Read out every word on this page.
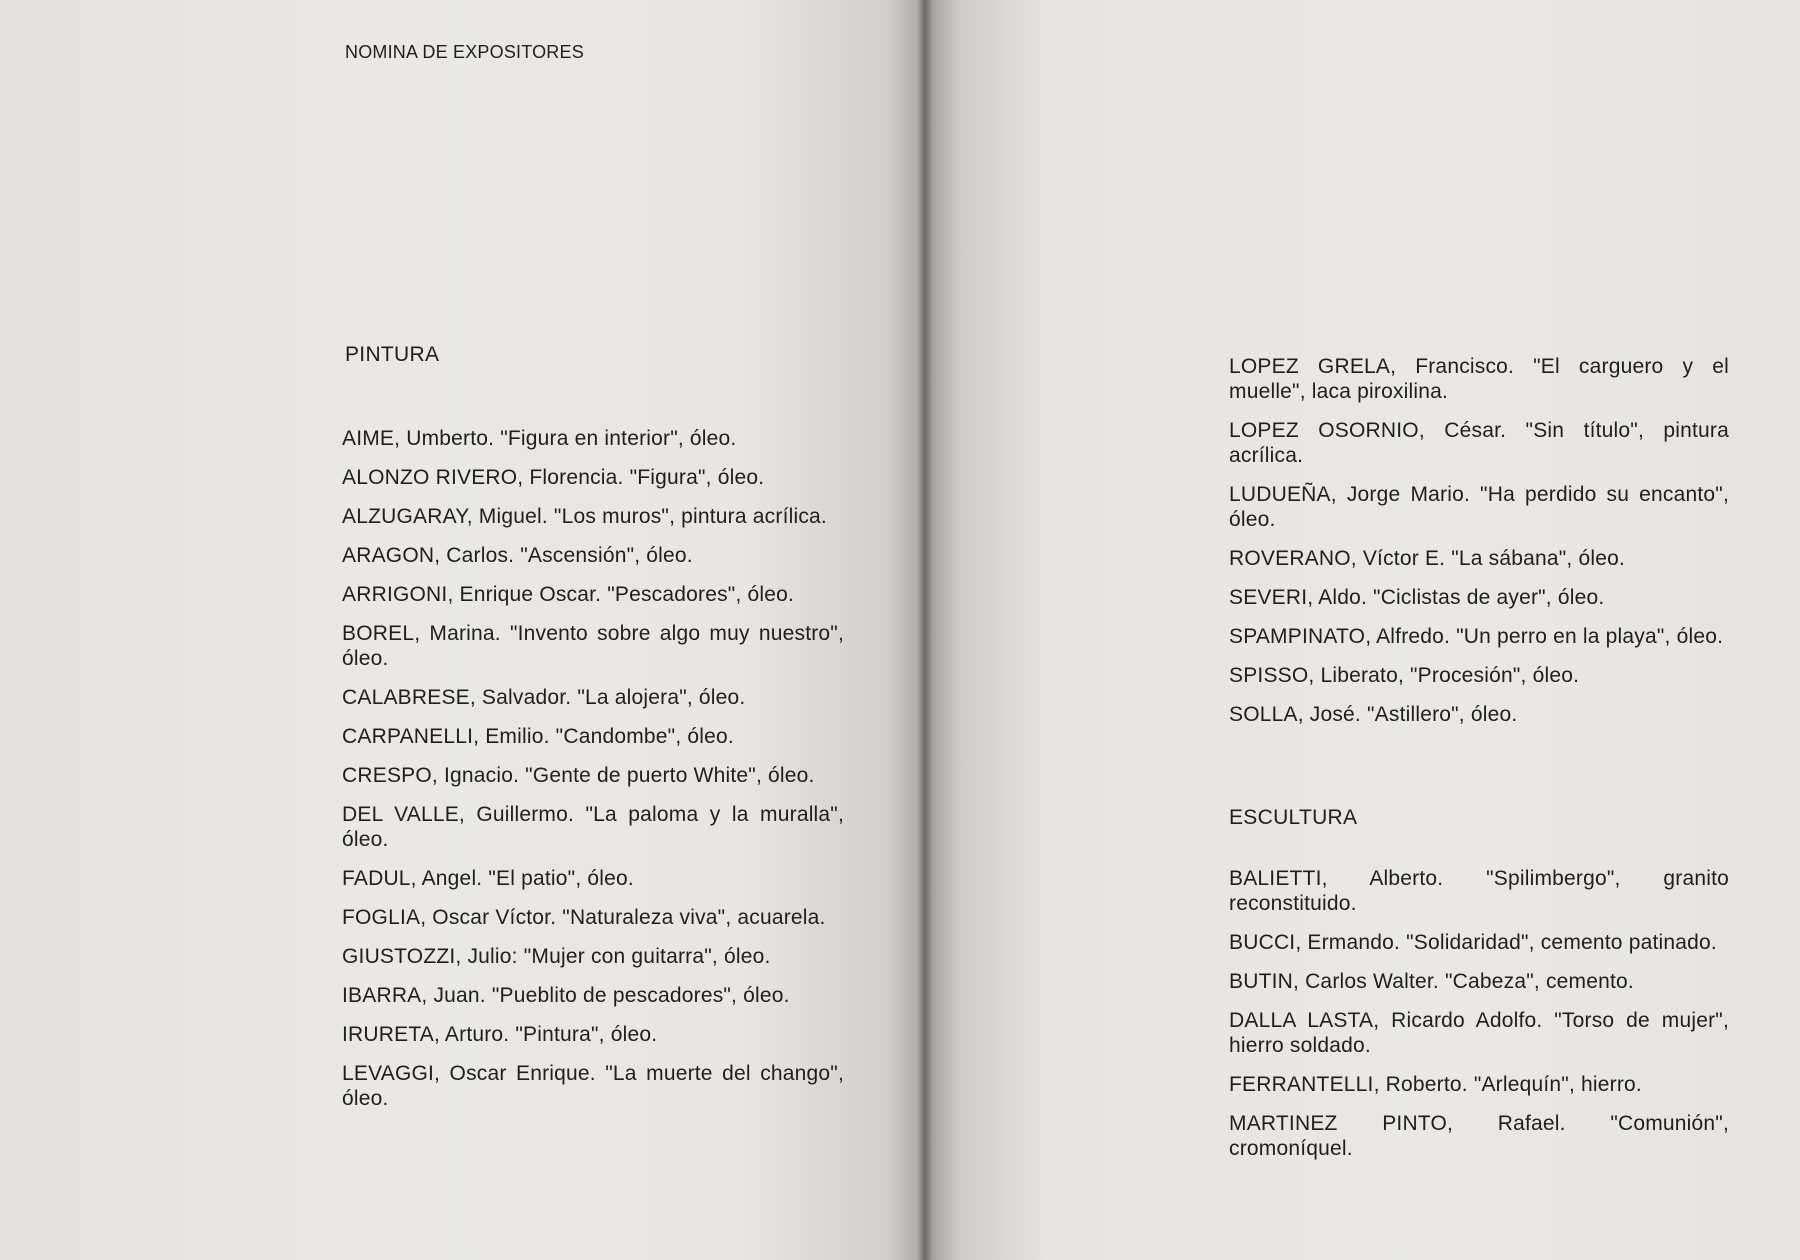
NOMINA DE EXPOSITORES
PINTURA
AIME, Umberto. "Figura en interior", óleo.
ALONZO RIVERO, Florencia. "Figura", óleo.
ALZUGARAY, Miguel. "Los muros", pintura acrílica.
ARAGON, Carlos. "Ascensión", óleo.
ARRIGONI, Enrique Oscar. "Pescadores", óleo.
BOREL, Marina. "Invento sobre algo muy nuestro", óleo.
CALABRESE, Salvador. "La alojera", óleo.
CARPANELLI, Emilio. "Candombe", óleo.
CRESPO, Ignacio. "Gente de puerto White", óleo.
DEL VALLE, Guillermo. "La paloma y la muralla", óleo.
FADUL, Angel. "El patio", óleo.
FOGLIA, Oscar Víctor. "Naturaleza viva", acuarela.
GIUSTOZZI, Julio: "Mujer con guitarra", óleo.
IBARRA, Juan. "Pueblito de pescadores", óleo.
IRURETA, Arturo. "Pintura", óleo.
LEVAGGI, Oscar Enrique. "La muerte del chango", óleo.
LOPEZ GRELA, Francisco. "El carguero y el muelle", laca piroxilina.
LOPEZ OSORNIO, César. "Sin título", pintura acrílica.
LUDUEÑA, Jorge Mario. "Ha perdido su encanto", óleo.
ROVERANO, Víctor E. "La sábana", óleo.
SEVERI, Aldo. "Ciclistas de ayer", óleo.
SPAMPINATO, Alfredo. "Un perro en la playa", óleo.
SPISSO, Liberato, "Procesión", óleo.
SOLLA, José. "Astillero", óleo.
ESCULTURA
BALIETTI, Alberto. "Spilimbergo", granito reconstituido.
BUCCI, Ermando. "Solidaridad", cemento patinado.
BUTIN, Carlos Walter. "Cabeza", cemento.
DALLA LASTA, Ricardo Adolfo. "Torso de mujer", hierro soldado.
FERRANTELLI, Roberto. "Arlequín", hierro.
MARTINEZ PINTO, Rafael. "Comunión", cromoníquel.
